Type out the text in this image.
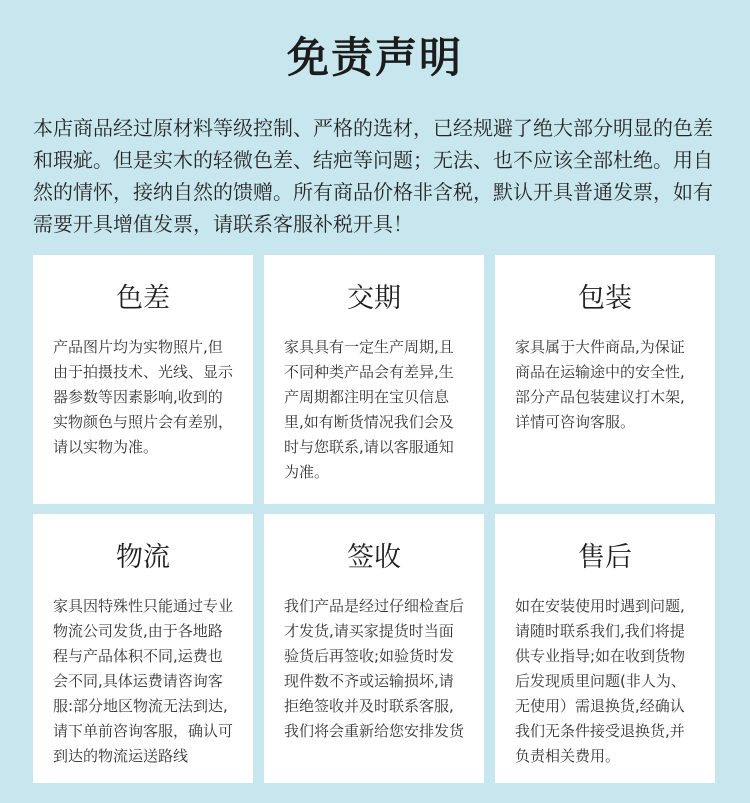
免责声明

本店商品经过原材料等级控制、严格的选材，已经规避了绝大部分明显的色差和瑕疵。但是实木的轻微色差、结疤等问题；无法、也不应该全部杜绝。用自然的情怀，接纳自然的馈赠。所有商品价格非含税，默认开具普通发票，如有需要开具增值发票，请联系客服补税开具！

色差

产品图片均为实物照片,但由于拍摄技术、光线、显示器参数等因素影响,收到的实物颜色与照片会有差别，请以实物为准。

交期

家具具有一定生产周期,且不同种类产品会有差异,生产周期都注明在宝贝信息里,如有断货情况我们会及时与您联系,请以客服通知为准。

包装

家具属于大件商品,为保证商品在运输途中的安全性,部分产品包装建议打木架,详情可咨询客服。

物流

家具因特殊性只能通过专业物流公司发货,由于各地路程与产品体积不同,运费也会不同,具体运费请咨询客服:部分地区物流无法到达,请下单前咨询客服，确认可到达的物流运送路线

签收

我们产品是经过仔细检查后才发货,请买家提货时当面验货后再签收;如验货时发现件数不齐或运输损坏,请拒绝签收并及时联系客服,我们将会重新给您安排发货

售后

如在安装使用时遇到问题,请随时联系我们,我们将提供专业指导;如在收到货物后发现质里问题(非人为、无使用）需退换货,经确认我们无条件接受退换货,并负责相关费用。
